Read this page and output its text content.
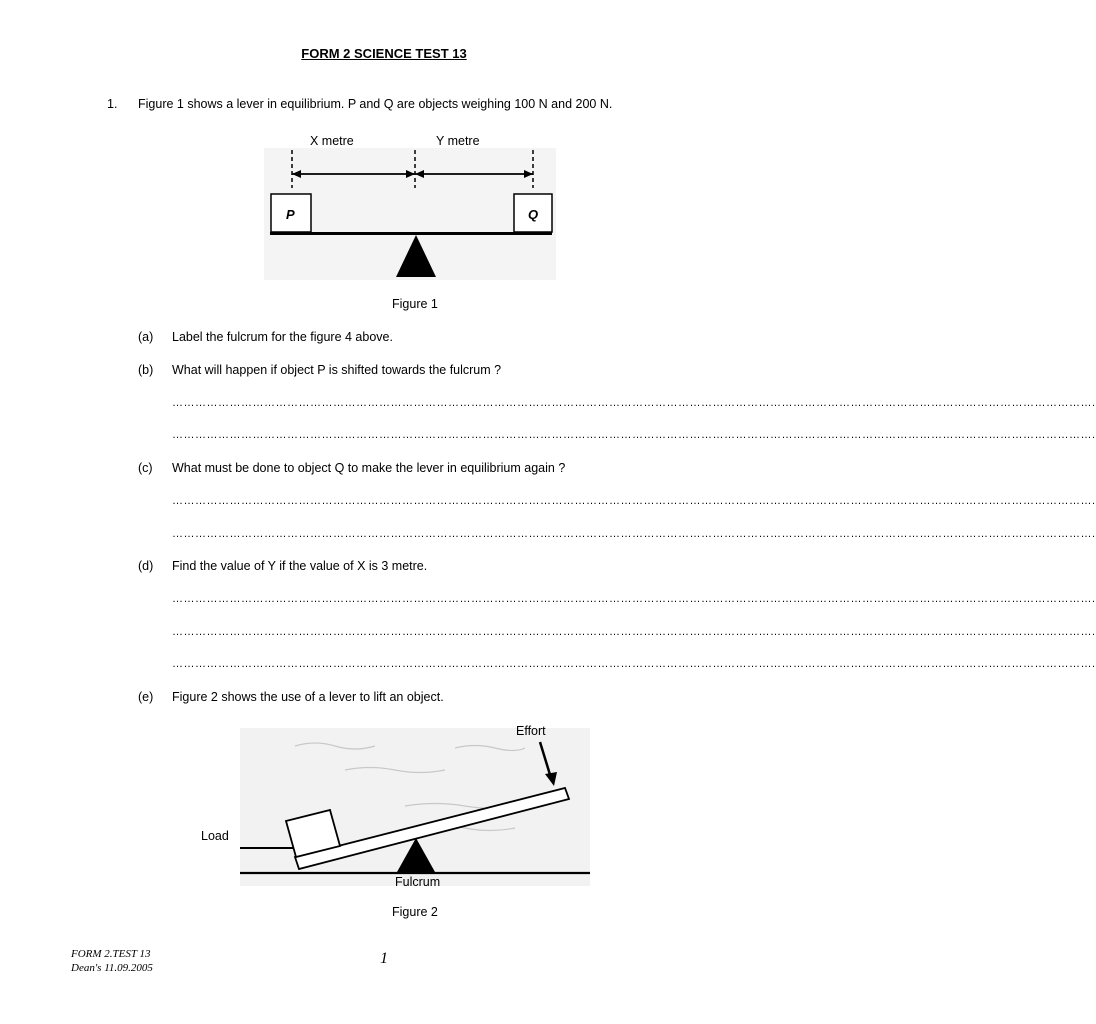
FORM 2 SCIENCE TEST 13
1. Figure 1 shows a lever in equilibrium. P and Q are objects weighing 100 N and 200 N.
X metre	Y metre
P	Q
Figure 1
(a) Label the fulcrum for the figure 4 above.
(b) What will happen if object P is shifted towards the fulcrum ?
…………………………………………………………………………………………………………………………………………………………………………………………………………………….
…………………………………………………………………………………………………………………………………………………………………………………………………………………….
(c) What must be done to object Q to make the lever in equilibrium again ?
…………………………………………………………………………………………………………………………………………………………………………………………………………………….
…………………………………………………………………………………………………………………………………………………………………………………………………………………….
(d) Find the value of Y if the value of X is 3 metre.
…………………………………………………………………………………………………………………………………………………………………………………………………………………….
…………………………………………………………………………………………………………………………………………………………………………………………………………………….
…………………………………………………………………………………………………………………………………………………………………………………………………………………….
(e) Figure 2 shows the use of a lever to lift an object.
Effort
Load
Fulcrum
Figure 2
FORM 2.TEST 13
Dean's 11.09.2005
1
